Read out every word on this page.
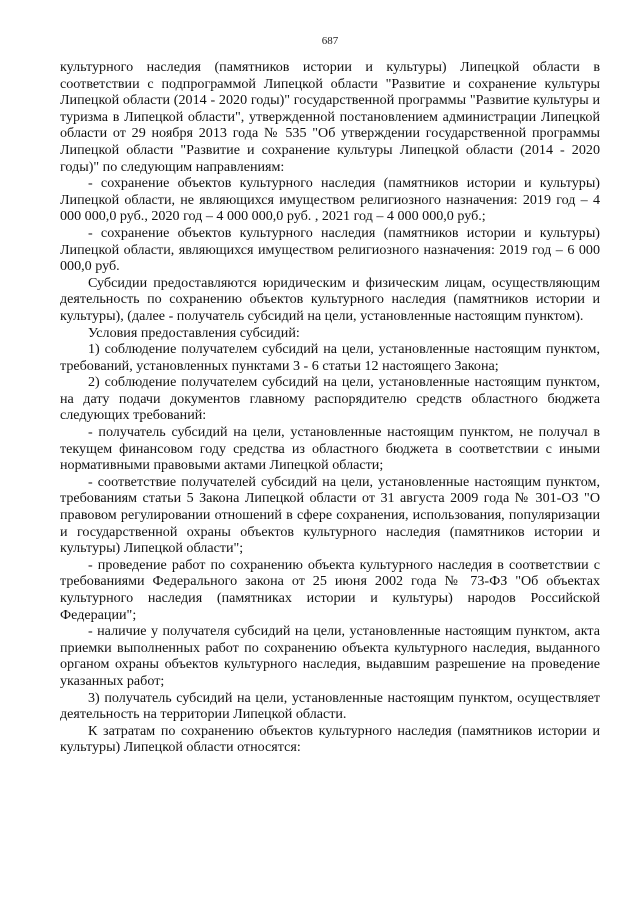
687

культурного наследия (памятников истории и культуры) Липецкой области в соответствии с подпрограммой Липецкой области "Развитие и сохранение культуры Липецкой области (2014 - 2020 годы)" государственной программы "Развитие культуры и туризма в Липецкой области", утвержденной постановлением администрации Липецкой области от 29 ноября 2013 года № 535 "Об утверждении государственной программы Липецкой области "Развитие и сохранение культуры Липецкой области (2014 - 2020 годы)" по следующим направлениям:

- сохранение объектов культурного наследия (памятников истории и культуры) Липецкой области, не являющихся имуществом религиозного назначения: 2019 год – 4 000 000,0 руб., 2020 год – 4 000 000,0 руб. , 2021 год – 4 000 000,0 руб.;

- сохранение объектов культурного наследия (памятников истории и культуры) Липецкой области, являющихся имуществом религиозного назначения: 2019 год – 6 000 000,0 руб.

Субсидии предоставляются юридическим и физическим лицам, осуществляющим деятельность по сохранению объектов культурного наследия (памятников истории и культуры), (далее - получатель субсидий на цели, установленные настоящим пунктом).

Условия предоставления субсидий:

1) соблюдение получателем субсидий на цели, установленные настоящим пунктом, требований, установленных пунктами 3 - 6 статьи 12 настоящего Закона;

2) соблюдение получателем субсидий на цели, установленные настоящим пунктом, на дату подачи документов главному распорядителю средств областного бюджета следующих требований:

- получатель субсидий на цели, установленные настоящим пунктом, не получал в текущем финансовом году средства из областного бюджета в соответствии с иными нормативными правовыми актами Липецкой области;

- соответствие получателей субсидий на цели, установленные настоящим пунктом, требованиям статьи 5 Закона Липецкой области от 31 августа 2009 года № 301-ОЗ "О правовом регулировании отношений в сфере сохранения, использования, популяризации и государственной охраны объектов культурного наследия (памятников истории и культуры) Липецкой области";

- проведение работ по сохранению объекта культурного наследия в соответствии с требованиями Федерального закона от 25 июня 2002 года № 73-ФЗ "Об объектах культурного наследия (памятниках истории и культуры) народов Российской Федерации";

- наличие у получателя субсидий на цели, установленные настоящим пунктом, акта приемки выполненных работ по сохранению объекта культурного наследия, выданного органом охраны объектов культурного наследия, выдавшим разрешение на проведение указанных работ;

3) получатель субсидий на цели, установленные настоящим пунктом, осуществляет деятельность на территории Липецкой области.

К затратам по сохранению объектов культурного наследия (памятников истории и культуры) Липецкой области относятся:
